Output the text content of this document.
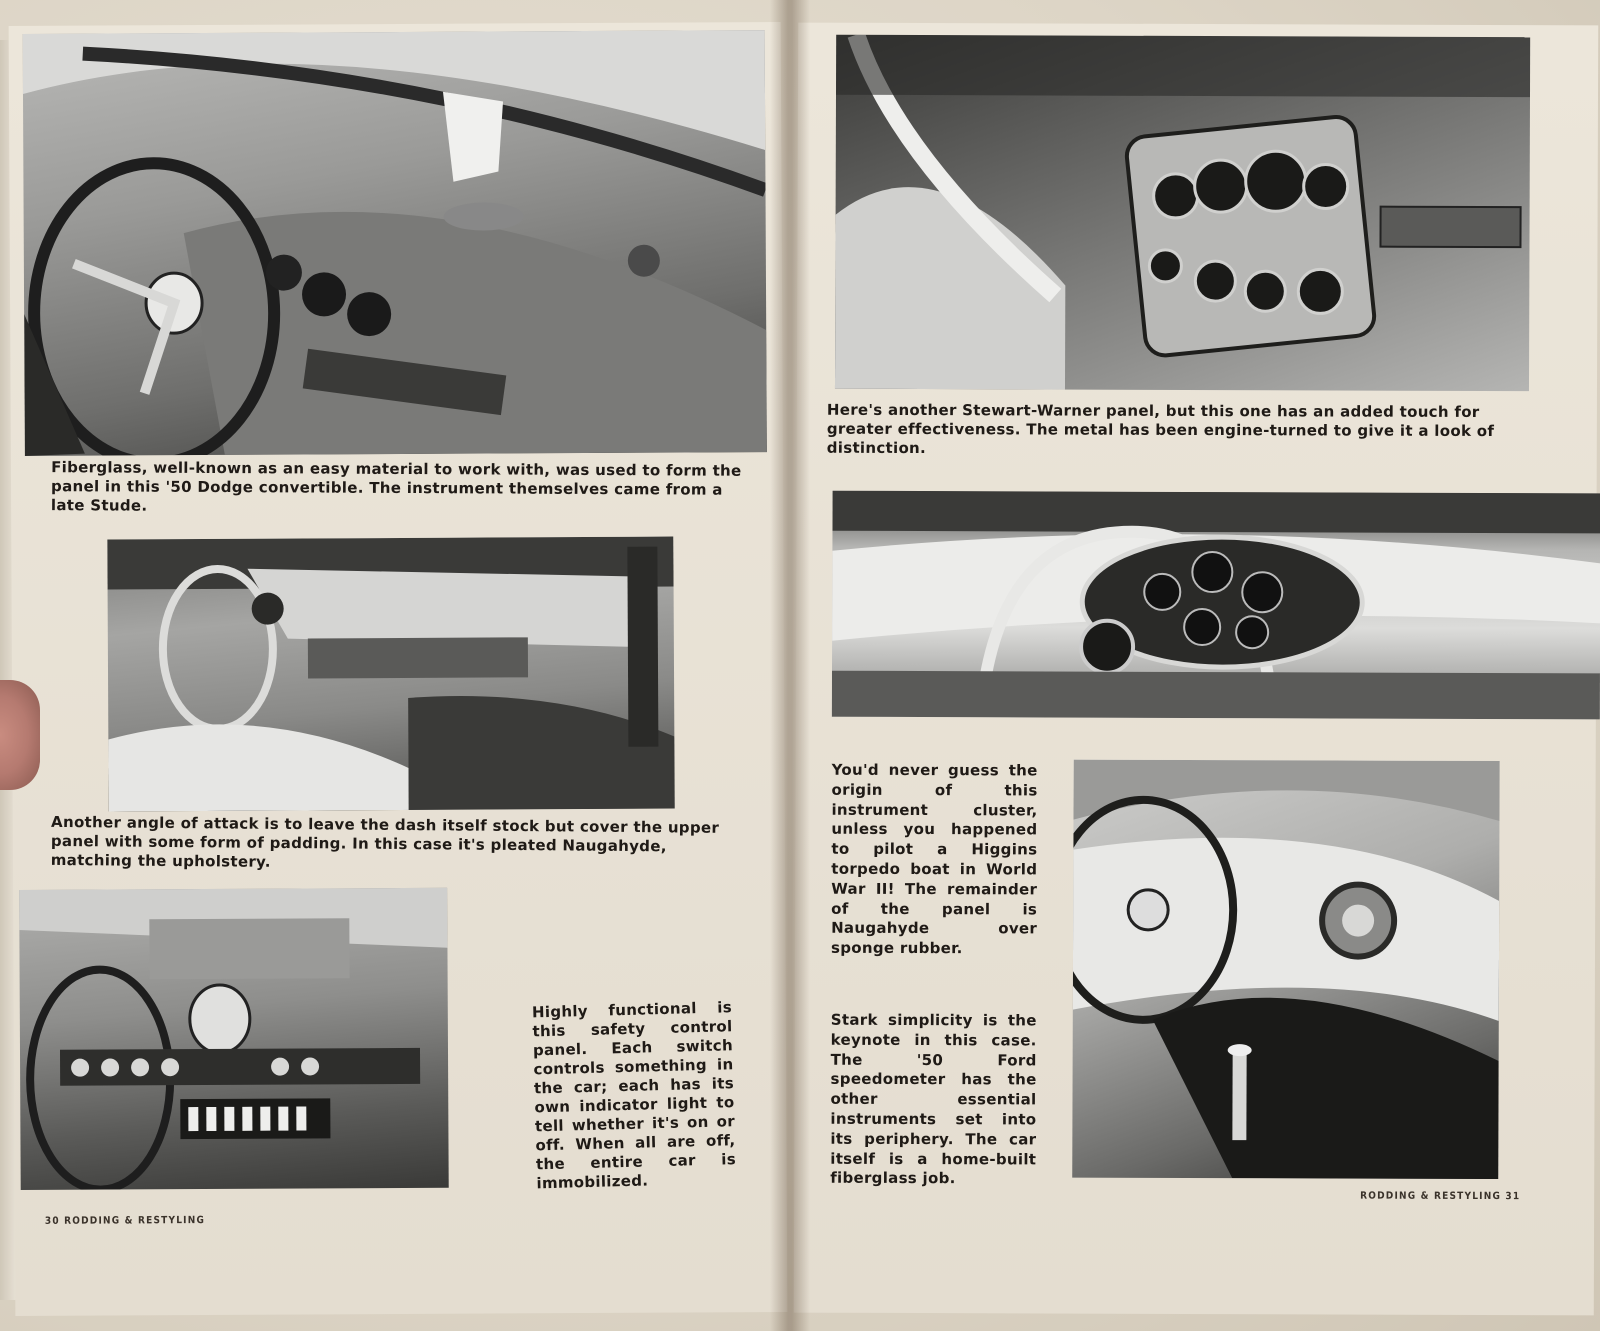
Fiberglass, well-known as an easy material to work with, was used to form the panel in this '50 Dodge convertible. The instrument themselves came from a late Stude.

Another angle of attack is to leave the dash itself stock but cover the upper panel with some form of padding. In this case it's pleated Naugahyde, matching the upholstery.

Highly functional is this safety control panel. Each switch controls something in the car; each has its own indicator light to tell whether it's on or off. When all are off, the entire car is immobilized.

30 RODDING & RESTYLING

Here's another Stewart-Warner panel, but this one has an added touch for greater effectiveness. The metal has been engine-turned to give it a look of distinction.

You'd never guess the origin of this instrument cluster, unless you happened to pilot a Higgins torpedo boat in World War II! The remainder of the panel is Naugahyde over sponge rubber.

Stark simplicity is the keynote in this case. The '50 Ford speedometer has the other essential instruments set into its periphery. The car itself is a home-built fiberglass job.

RODDING & RESTYLING 31
